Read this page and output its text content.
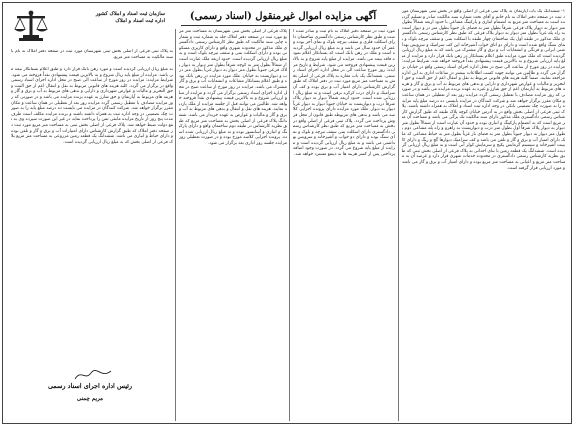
آگهی مزایده اموال غیرمنقول (اسناد رسمی)	۱- ششدانگ یک باب آپارتمان به پلاک ثبتی فرعی از اصلی واقع در بخش ثبتی شهرستان مورد ثبت در صفحه دفتر املاک به نام خانم و آقای تحت شماره سند مالکیت صادر و تسلیم گردیده است به مساحت متر مربع به انضمام انباری و پارکینگ مشاعی با حدود اربعه شمالاً بطول متر دیوار به دیوار پلاک فرعی شرقاً بطول متر به فضای باز جنوباً بطول متر در و دیوار است به راه پله غرباً بطول متر دیوار به دیوار پلاک فرعی که طبق نظر کارشناس رسمی دادگستری ملک مذکور در طبقه اول یک ساختمان چهار طبقه با اسکلت بتنی و سقف تیرچه بلوک و نمای سنگ واقع شده است و دارای دو اتاق خواب آشپزخانه اپن کف سرامیک و سرویس بهداشتی ایرانی و فرنگی و انشعابات آب و برق و گاز مشترک می باشد که به مبلغ ریال ارزیابی گردیده است که ملک مورد مزایده طبق اعلام بستانکار در رهن بانک قرار دارد و مزایده از مبلغ پایه ارزیابی شروع و به بالاترین قیمت پیشنهادی نقداً فروخته خواهد شد. شرایط مزایده: مزایده در روز مورخ از ساعت الی صبح در محل اداره اجرای اسناد رسمی واقع در خیابان برگزار می گردد و طالبین می توانند جهت کسب اطلاعات بیشتر در ساعات اداری به این اداره مراجعه نمایند. ضمناً کلیه هزینه های قانونی مربوط به نقل و انتقال اعم از حق الثبت و حق التحریر و مالیات و عوارض شهرداری و دارایی و بدهی های مربوط به آب و برق و گاز و هزینه های مربوط به آپارتمان اعم از حق شارژ و غیره به عهده برنده مزایده می باشد و در صورتی که روز مزایده مصادف با تعطیل رسمی گردد مزایده روز بعد از تعطیلی در همان ساعت و مکان مقرر برگزار خواهد شد و شرکت کنندگان در مزایده بایستی ده درصد مبلغ پایه مزایده را به صورت چک تضمینی بانکی در وجه اداره ثبت اسناد و املاک به همراه داشته باشند. پلاک ثبتی فرعی از اصلی بخش واقع در به آدرس خیابان کوچه پلاک طبقه که طبق گزارش کارشناس رسمی دادگستری ملک مذکور دارای سند مالکیت تک برگی می باشد و مساحت آن متر مربع است که به انضمام پارکینگ و انباری بوده و حدود آن عبارت است از شمالاً بطول متر دیوار به دیوار پلاک شرقاً اول بطول متر درب و دیواریست به راهرو و راه پله مشاعی دوم بطول متر دیوار به دیوار جنوباً بطول متر به فضای باز غرباً بطول متر به حیاط مشاعی که ملک دارای امتیاز آب و برق و گاز و تلفن می باشد و کف سرامیک دیوارها گچ و رنگ و دارای کابینت آشپزخانه و سیستم گرمایش پکیج و سرمایش کولر آبی است و به مبلغ ریال ارزیابی گردیده است. ششدانگ یک قطعه زمین با بنای احداثی به پلاک فرعی از اصلی بخش ثبتی که طبق نظریه کارشناس رسمی دادگستری در محدوده خدمات شهری قرار دارد و عرصه آن به مساحت متر مربع و اعیانی به مساحت متر مربع بوده و دارای امتیاز آب و برق و گاز می باشد و مورد ارزیابی قرار گرفته است.
مورد ثبت در صفحه دفتر املاک به نام ثبت و صادر شده است و طبق نظر کارشناس رسمی دادگستری ساختمان دارای اسکلت فلزی و سقف تیرچه بلوک و نمای آجر بوده و عمر آن حدود سال می باشد و به مبلغ ریال ارزیابی گردیده است و ملک در رهن بانک است که بستانکار اعلام نموده فاقد بیمه می باشد. مزایده از مبلغ پایه شروع و به بالاترین قیمت پیشنهادی فروخته می شود. شرایط و تاریخ مزایده: روز مورخ ساعت الی در محل اداره اجرای اسناد رسمی. ششدانگ یک باب مغازه به پلاک فرعی از اصلی بخش به مساحت متر مربع مورد ثبت در دفتر املاک که طبق گزارش کارشناس دارای امتیاز آب و برق بوده و کف آن سرامیک و دارای درب کرکره برقی است و به مبلغ ریال ارزیابی شده است. حدود اربعه شمالاً دیوار به دیوار پلاک شرقاً درب و دیواریست به خیابان جنوباً دیوار به دیوار غرباً دیوار به دیوار. ملک مورد مزایده دارای پرونده اجرایی کلاسه می باشد و بدهی های مربوطه طبق قانون از محل فروش پرداخت می گردد. پلاک ثبتی فرعی از اصلی واقع در بخش به مساحت متر مربع که طبق نظر کارشناس رسمی دادگستری دارای اسکلت بتنی سقف تیرچه و بلوک و نمای سنگ بوده و دارای دو خواب و آشپزخانه و سرویس بهداشتی می باشد و به مبلغ ریال ارزیابی گردیده است و مزایده از مبلغ پایه شروع می گردد. در صورت وجود اضافه پرداختی پس از کسر هزینه ها به ذینفع مسترد خواهد شد.
پلاک فرعی از اصلی بخش ثبتی شهرستان به مساحت متر مربع مورد ثبت در صفحه دفتر املاک جلد به شماره ثبت و شماره چاپی سند مالکیت که طبق نظر کارشناس رسمی دادگستری ملک مذکور در محدوده شهری واقع و دارای کاربری مسکونی بوده و دارای اسکلت بتنی و سقف تیرچه بلوک است و به مبلغ ریال ارزیابی گردیده است. حدود اربعه ملک عبارت است از شمالاً بطول متر به کوچه شرقاً بطول متر دیوار به دیوار پلاک فرعی جنوباً بطول متر دیوار به دیوار غرباً بطول متر درب و دیواریست به خیابان. ملک مورد مزایده در رهن بانک بوده و طبق اعلام بستانکار مشاعات و انشعابات آب و برق و گاز مشترک می باشد. مزایده در روز مورخ از ساعت صبح در محل اداره اجرای اسناد رسمی برگزار می گردد و مزایده از مبلغ ارزیابی شروع و به بالاترین قیمت پیشنهادی نقداً فروخته خواهد شد. طالبین می توانند قبل از جلسه مزایده از ملک بازدید نمایند. هزینه های نقل و انتقال و بدهی های مربوط به آب و برق و گاز و مالیات و عوارض به عهده خریدار می باشد. ششدانگ پلاک فرعی از اصلی بخش به مساحت متر مربع که طبق نظریه کارشناس در طبقه دوم ساختمان واقع و دارای پارکینگ و انباری و آسانسور بوده و به مبلغ ریال ارزیابی شده است. پرونده اجرایی کلاسه مورخ بوده و در صورت تعطیلی روز مزایده جلسه روز اداری بعد برگزار می شود.
به پلاک ثبتی فرعی از اصلی بخش ثبتی شهرستان مورد ثبت در صفحه دفتر املاک به نام با سند مالکیت به مساحت متر مربع.
به مبلغ ریال ارزیابی گردیده است و مورد رهن بانک قرار دارد و طبق اعلام بستانکار بیمه می باشد. مزایده از مبلغ پایه ریال شروع و به بالاترین قیمت پیشنهادی نقداً فروخته می شود. شرایط مزایده: مزایده در روز مورخ از ساعت الی صبح در محل اداره اجرای اسناد رسمی واقع در برگزار می گردد. کلیه هزینه های قانونی مربوط به نقل و انتقال اعم از حق الثبت و حق التحریر و مالیات و عوارض شهرداری و دارایی و بدهی های مربوط به آب و برق و گاز و هزینه های مربوط به آپارتمان و حق شارژ به عهده برنده مزایده می باشد و در صورتی که روز مزایده مصادف با تعطیل رسمی گردد مزایده روز بعد از تعطیلی در همان ساعت و مکان مقرر برگزار خواهد شد. شرکت کنندگان در مزایده می بایست ده درصد مبلغ پایه را به صورت چک تضمینی در وجه اداره ثبت به همراه داشته باشند و برنده مزایده مکلف است ظرف مدت پنج روز از تاریخ مزایده مابقی ثمن را پرداخت نماید در غیر این صورت سپرده وی به نفع دولت ضبط خواهد شد. پلاک فرعی از اصلی بخش ثبتی به مساحت متر مربع مورد ثبت در صفحه دفتر املاک که طبق گزارش کارشناس دارای امتیازات آب و برق و گاز و تلفن بوده و دارای حیاط و انباری می باشد. ششدانگ یک قطعه زمین مزروعی به مساحت متر مربع پلاک فرعی از اصلی بخش که به مبلغ ریال ارزیابی گردیده است.
سازمان ثبت اسناد و املاک کشور
اداره ثبت اسناد و املاک
رئیس اداره اجرای اسناد رسمی
مریم چمنی
